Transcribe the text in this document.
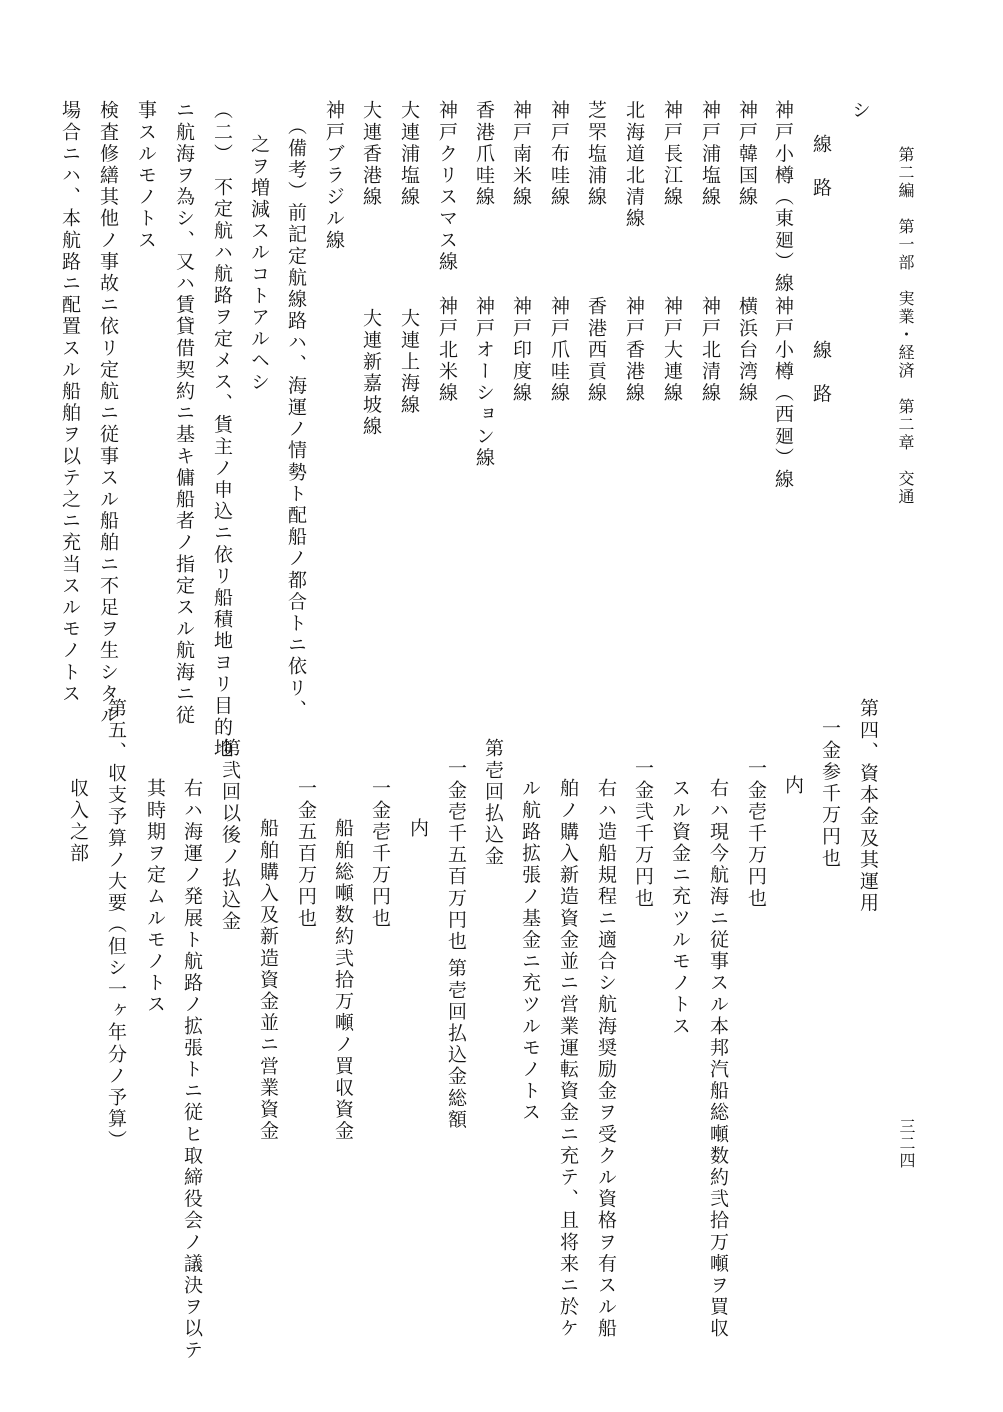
第二編　第一部　実業・経済　第二章　交通
三二四
シ
線　路
線　路
神戸小樽（東廻）線
神戸小樽（西廻）線
神戸韓国線
横浜台湾線
神戸浦塩線
神戸北清線
神戸長江線
神戸大連線
北海道北清線
神戸香港線
芝罘塩浦線
香港西貢線
神戸布哇線
神戸爪哇線
神戸南米線
神戸印度線
香港爪哇線
神戸オーション線
神戸クリスマス線
神戸北米線
大連浦塩線
大連上海線
大連香港線
大連新嘉坡線
神戸ブラジル線
（備考）前記定航線路ハ、海運ノ情勢ト配船ノ都合トニ依リ、
之ヲ増減スルコトアルヘシ
（二）　不定航ハ航路ヲ定メス、貨主ノ申込ニ依リ船積地ヨリ目的地
ニ航海ヲ為シ、又ハ賃貸借契約ニ基キ傭船者ノ指定スル航海ニ従
事スルモノトス
検査修繕其他ノ事故ニ依リ定航ニ従事スル船舶ニ不足ヲ生シタル
場合ニハ、本航路ニ配置スル船舶ヲ以テ之ニ充当スルモノトス
第四、資本金及其運用
一金参千万円也
内
一金壱千万円也
右ハ現今航海ニ従事スル本邦汽船総噸数約弐拾万噸ヲ買収
スル資金ニ充ツルモノトス
一金弐千万円也
右ハ造船規程ニ適合シ航海奨励金ヲ受クル資格ヲ有スル船
舶ノ購入新造資金並ニ営業運転資金ニ充テ、且将来ニ於ケ
ル航路拡張ノ基金ニ充ツルモノトス
第壱回払込金
一金壱千五百万円也
第壱回払込金総額
内
一金壱千万円也
船舶総噸数約弐拾万噸ノ買収資金
一金五百万円也
船舶購入及新造資金並ニ営業資金
第弐回以後ノ払込金
右ハ海運ノ発展ト航路ノ拡張トニ従ヒ取締役会ノ議決ヲ以テ
其時期ヲ定ムルモノトス
第五、収支予算ノ大要（但シ一ヶ年分ノ予算）
収入之部
